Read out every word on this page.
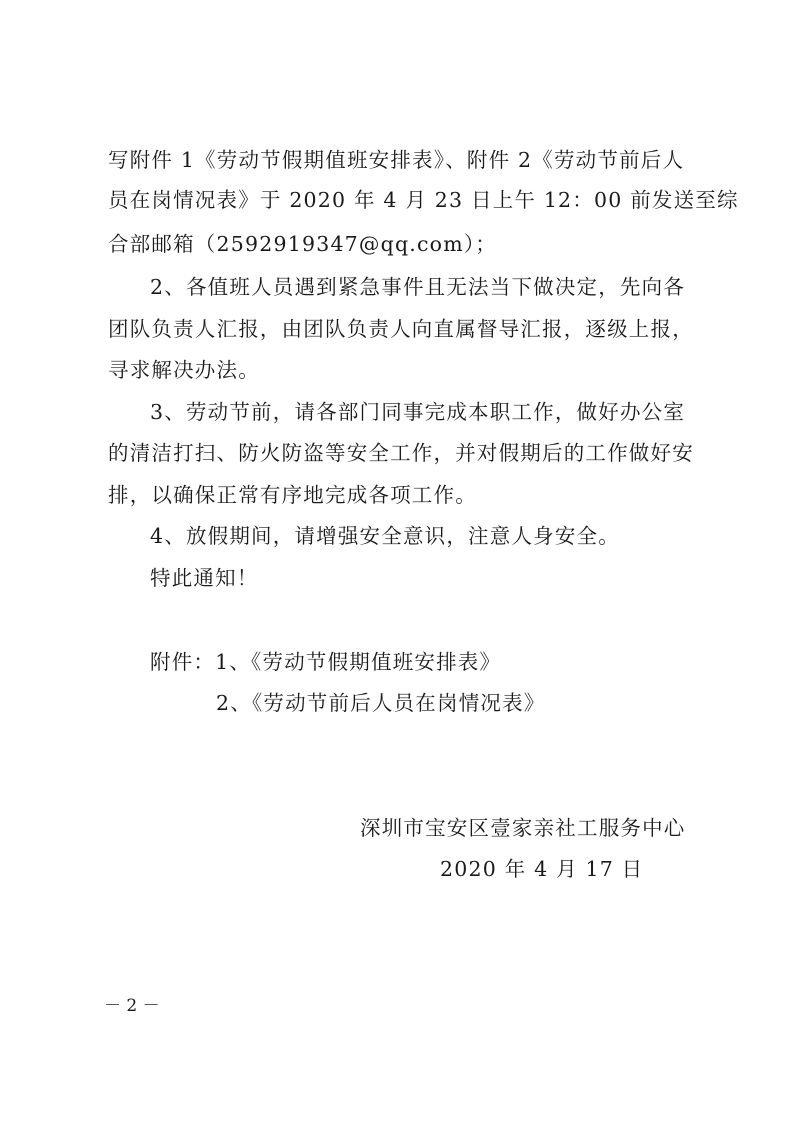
写附件 1《劳动节假期值班安排表》、附件 2《劳动节前后人
员在岗情况表》于 2020 年 4 月 23 日上午 12：00 前发送至综
合部邮箱（2592919347@qq.com）；
2、各值班人员遇到紧急事件且无法当下做决定，先向各
团队负责人汇报，由团队负责人向直属督导汇报，逐级上报，
寻求解决办法。
3、劳动节前，请各部门同事完成本职工作，做好办公室
的清洁打扫、防火防盗等安全工作，并对假期后的工作做好安
排，以确保正常有序地完成各项工作。
4、放假期间，请增强安全意识，注意人身安全。
特此通知！
附件：1、《劳动节假期值班安排表》
2、《劳动节前后人员在岗情况表》
深圳市宝安区壹家亲社工服务中心
2020 年 4 月 17 日
－ 2 －
